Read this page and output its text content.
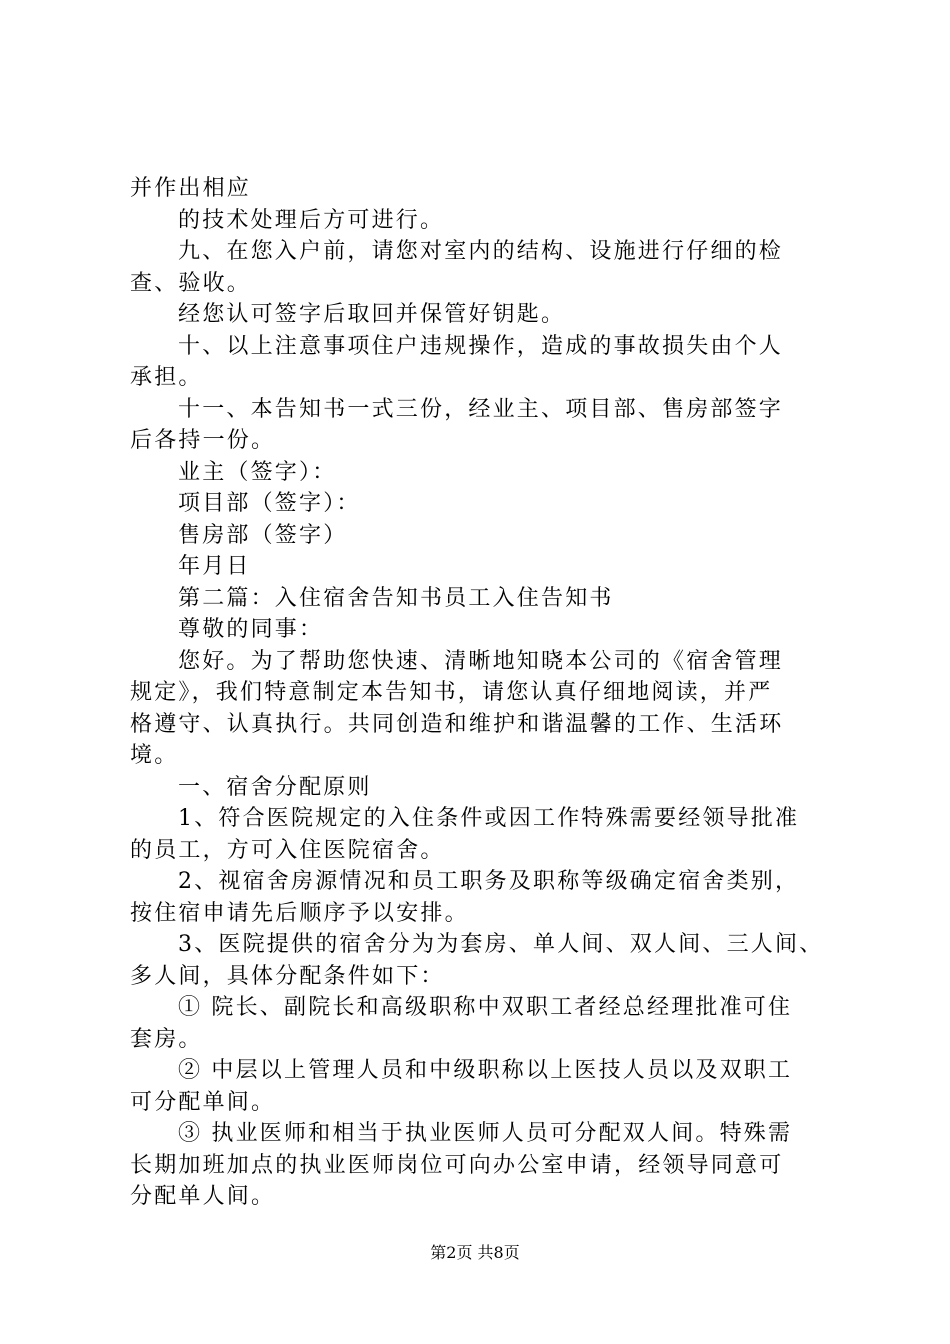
并作出相应
的技术处理后方可进行。
九、在您入户前，请您对室内的结构、设施进行仔细的检
查、验收。
经您认可签字后取回并保管好钥匙。
十、以上注意事项住户违规操作，造成的事故损失由个人
承担。
十一、本告知书一式三份，经业主、项目部、售房部签字
后各持一份。
业主（签字）：
项目部（签字）：
售房部（签字）
年月日
第二篇：入住宿舍告知书员工入住告知书
尊敬的同事：
您好。为了帮助您快速、清晰地知晓本公司的《宿舍管理
规定》，我们特意制定本告知书，请您认真仔细地阅读，并严
格遵守、认真执行。共同创造和维护和谐温馨的工作、生活环
境。
一、宿舍分配原则
1、符合医院规定的入住条件或因工作特殊需要经领导批准
的员工，方可入住医院宿舍。
2、视宿舍房源情况和员工职务及职称等级确定宿舍类别，
按住宿申请先后顺序予以安排。
3、医院提供的宿舍分为为套房、单人间、双人间、三人间、
多人间，具体分配条件如下：
① 院长、副院长和高级职称中双职工者经总经理批准可住
套房。
② 中层以上管理人员和中级职称以上医技人员以及双职工
可分配单间。
③ 执业医师和相当于执业医师人员可分配双人间。特殊需
长期加班加点的执业医师岗位可向办公室申请，经领导同意可
分配单人间。
第2页 共8页
